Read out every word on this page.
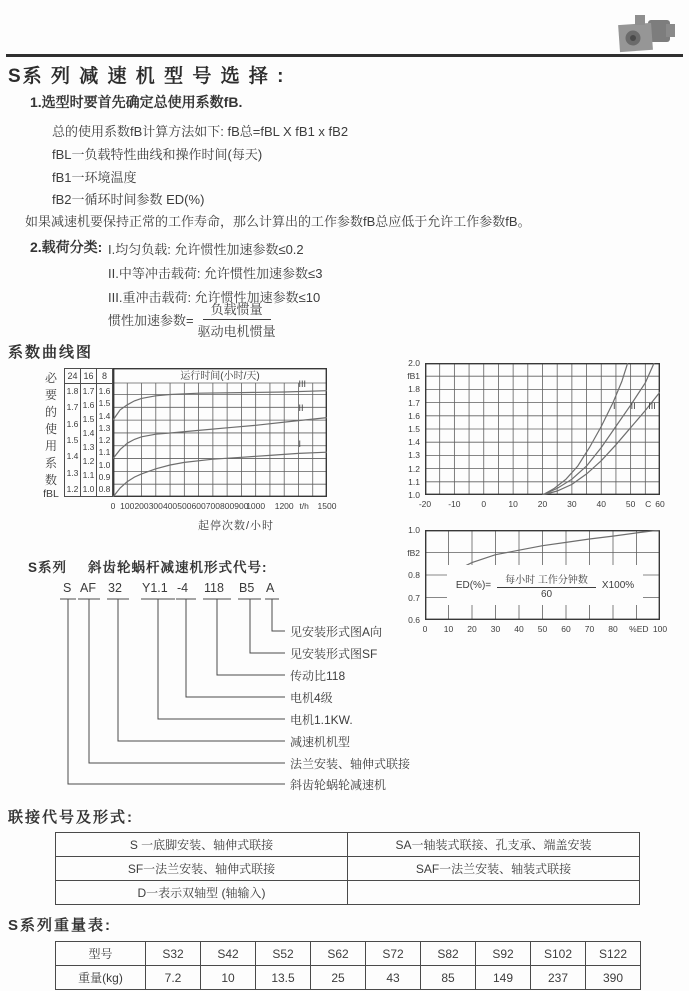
S系 列 减 速 机 型 号 选 择 :
1.选型时要首先确定总使用系数fB.
总的使用系数fB计算方法如下: fB总=fBL X fB1 x fB2
fBL一负载特性曲线和操作时间(每天)
fB1一环境温度
fB2一循环时间参数 ED(%)
如果减速机要保持正常的工作寿命，那么计算出的工作参数fB总应低于允许工作参数fB。
2.载荷分类: I.均匀负载: 允许惯性加速参数≤0.2
II.中等冲击载荷: 允许惯性加速参数≤3
III.重冲击载荷: 允许惯性加速参数≤10
惯性加速参数= $\frac{\text{负载惯量}}{\text{驱动电机惯量}}$
系数曲线图
必
要
的
使
用
系
数
fBL
24
1.8
1.7
1.6
1.5
1.4
1.3
1.2
16
1.7
1.6
1.5
1.4
1.3
1.2
1.1
1.0
8
1.6
1.5
1.4
1.3
1.2
1.1
1.0
0.9
0.8
运行时间(小时/天)
I
II
III
0 100 200 300 400 500 600 700 800 900
1000 1200 t/h 1500
起停次数/小时
2.0
fB1
1.8
1.7
1.6
1.5
1.4
1.3
1.2
1.1
1.0
I II III
-20 -10 0	10 20 30 40 50 C 60
1.0
fB2
0.8
0.7
0.6
$ED(\%)= \frac{\text{每小时 工作分钟数}}{60} X100\%$
0 10 20 30 40 50 60 70 80 %ED 100
S系列 斜齿轮蜗杆减速机形式代号:
S AF 32 Y1.1 -4 118 B5 A
见安装形式图A向
见安装形式图SF
传动比118
电机4级
电机1.1KW.
减速机机型
法兰安装、轴伸式联接
斜齿轮蜗轮减速机
联接代号及形式:
S 一底脚安装、轴伸式联接	SA一轴装式联接、孔支承、端盖安装
SF一法兰安装、轴伸式联接	SAF一法兰安装、轴装式联接
D一表示双轴型 (轴输入)	
S系列重量表:
型号	S32	S42	S52	S62	S72	S82	S92	S102	S122
重量(kg)	7.2	10	13.5	25	43	85	149	237	390
